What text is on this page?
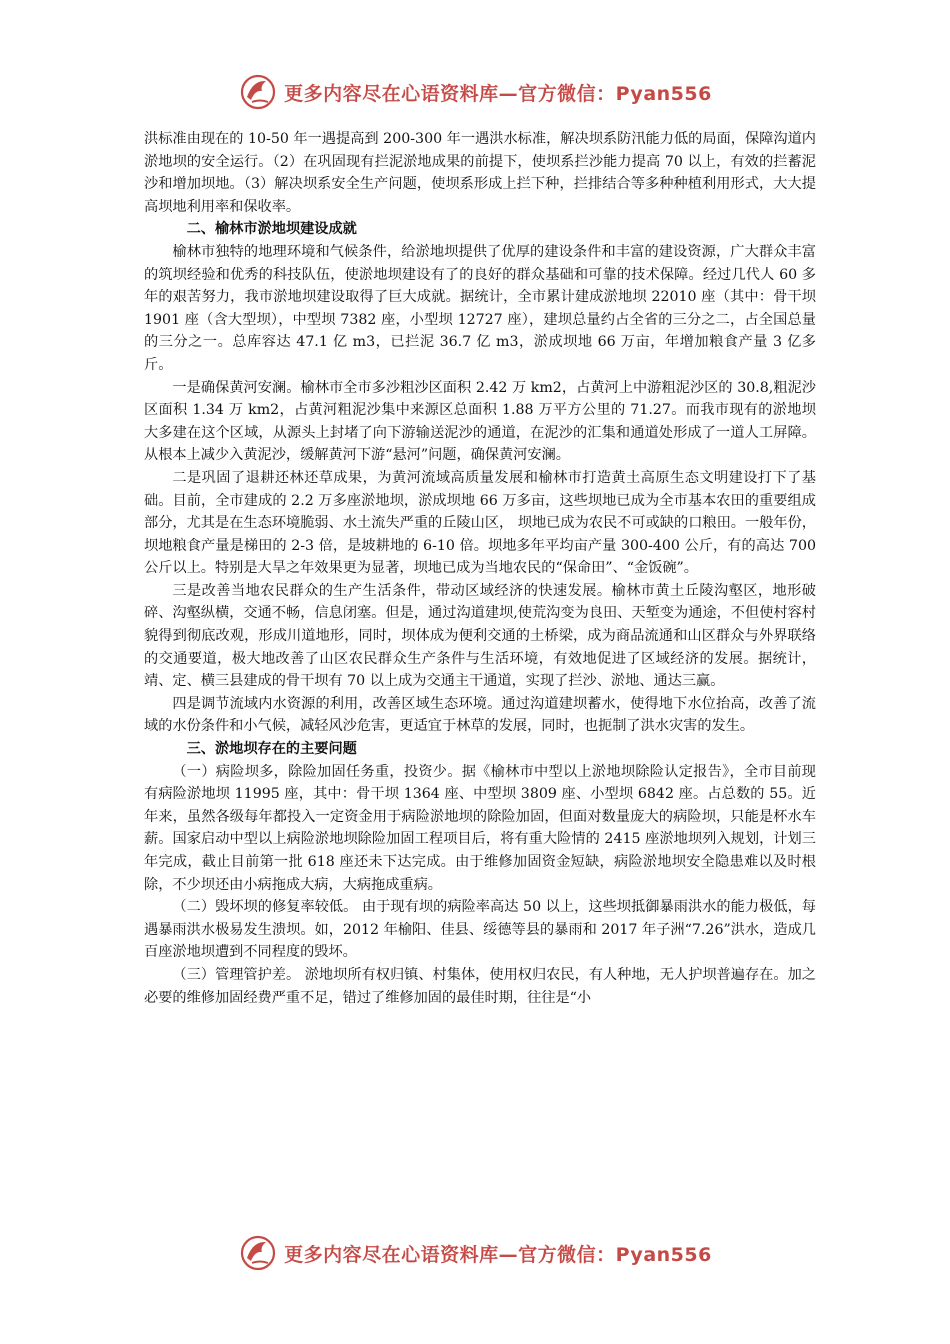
更多内容尽在心语资料库—官方微信：Pyan556

洪标准由现在的 10-50 年一遇提高到 200-300 年一遇洪水标准，解决坝系防汛能力低的局面，保障沟道内淤地坝的安全运行。（2）在巩固现有拦泥淤地成果的前提下，使坝系拦沙能力提高 70 以上，有效的拦蓄泥沙和增加坝地。（3）解决坝系安全生产问题，使坝系形成上拦下种，拦排结合等多种种植利用形式，大大提高坝地利用率和保收率。

二、榆林市淤地坝建设成就

榆林市独特的地理环境和气候条件，给淤地坝提供了优厚的建设条件和丰富的建设资源，广大群众丰富的筑坝经验和优秀的科技队伍，使淤地坝建设有了的良好的群众基础和可靠的技术保障。经过几代人 60 多年的艰苦努力，我市淤地坝建设取得了巨大成就。据统计，全市累计建成淤地坝 22010 座（其中：骨干坝 1901 座（含大型坝），中型坝 7382 座，小型坝 12727 座），建坝总量约占全省的三分之二，占全国总量的三分之一。总库容达 47.1 亿 m3，已拦泥 36.7 亿 m3，淤成坝地 66 万亩，年增加粮食产量 3 亿多斤。

一是确保黄河安澜。榆林市全市多沙粗沙区面积 2.42 万 km2，占黄河上中游粗泥沙区的 30.8,粗泥沙区面积 1.34 万 km2，占黄河粗泥沙集中来源区总面积 1.88 万平方公里的 71.27。而我市现有的淤地坝大多建在这个区域，从源头上封堵了向下游输送泥沙的通道，在泥沙的汇集和通道处形成了一道人工屏障。从根本上减少入黄泥沙，缓解黄河下游“悬河”问题，确保黄河安澜。

二是巩固了退耕还林还草成果，为黄河流域高质量发展和榆林市打造黄土高原生态文明建设打下了基础。目前，全市建成的 2.2 万多座淤地坝，淤成坝地 66 万多亩，这些坝地已成为全市基本农田的重要组成部分，尤其是在生态环境脆弱、水土流失严重的丘陵山区， 坝地已成为农民不可或缺的口粮田。一般年份，坝地粮食产量是梯田的 2-3 倍，是坡耕地的 6-10 倍。坝地多年平均亩产量 300-400 公斤，有的高达 700 公斤以上。特别是大旱之年效果更为显著，坝地已成为当地农民的“保命田”、“金饭碗”。

三是改善当地农民群众的生产生活条件，带动区域经济的快速发展。榆林市黄土丘陵沟壑区，地形破碎、沟壑纵横，交通不畅，信息闭塞。但是，通过沟道建坝,使荒沟变为良田、天堑变为通途，不但使村容村貌得到彻底改观，形成川道地形，同时，坝体成为便利交通的土桥梁，成为商品流通和山区群众与外界联络的交通要道，极大地改善了山区农民群众生产条件与生活环境，有效地促进了区域经济的发展。据统计，靖、定、横三县建成的骨干坝有 70 以上成为交通主干通道，实现了拦沙、淤地、通达三赢。

四是调节流域内水资源的利用，改善区域生态环境。通过沟道建坝蓄水，使得地下水位抬高，改善了流域的水份条件和小气候，减轻风沙危害，更适宜于林草的发展，同时，也扼制了洪水灾害的发生。

三、淤地坝存在的主要问题

（一）病险坝多，除险加固任务重，投资少。据《榆林市中型以上淤地坝除险认定报告》，全市目前现有病险淤地坝 11995 座，其中：骨干坝 1364 座、中型坝 3809 座、小型坝 6842 座。占总数的 55。近年来，虽然各级每年都投入一定资金用于病险淤地坝的除险加固，但面对数量庞大的病险坝，只能是杯水车薪。国家启动中型以上病险淤地坝除险加固工程项目后，将有重大险情的 2415 座淤地坝列入规划，计划三年完成，截止目前第一批 618 座还未下达完成。由于维修加固资金短缺，病险淤地坝安全隐患难以及时根除，不少坝还由小病拖成大病，大病拖成重病。

（二）毁坏坝的修复率较低。 由于现有坝的病险率高达 50 以上，这些坝抵御暴雨洪水的能力极低，每遇暴雨洪水极易发生溃坝。如，2012 年榆阳、佳县、绥德等县的暴雨和 2017 年子洲“7.26”洪水，造成几百座淤地坝遭到不同程度的毁坏。

（三）管理管护差。 淤地坝所有权归镇、村集体，使用权归农民，有人种地，无人护坝普遍存在。加之必要的维修加固经费严重不足，错过了维修加固的最佳时期，往往是“小

更多内容尽在心语资料库—官方微信：Pyan556
